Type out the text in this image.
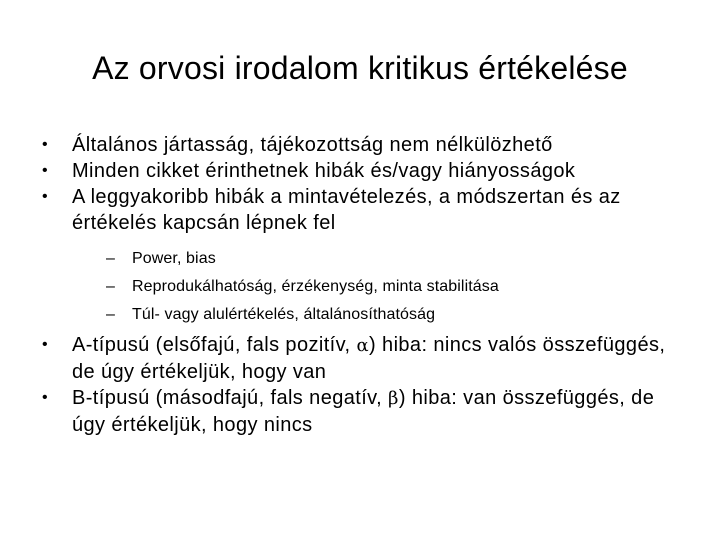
Az orvosi irodalom kritikus értékelése
• Általános jártasság, tájékozottság nem nélkülözhető
• Minden cikket érinthetnek hibák és/vagy hiányosságok
• A leggyakoribb hibák a mintavételezés, a módszertan és az értékelés kapcsán lépnek fel
– Power, bias
– Reprodukálhatóság, érzékenység, minta stabilitása
– Túl- vagy alulértékelés, általánosíthatóság
• A-típusú (elsőfajú, fals pozitív, α) hiba: nincs valós összefüggés, de úgy értékeljük, hogy van
• B-típusú (másodfajú, fals negatív, β) hiba: van összefüggés, de úgy értékeljük, hogy nincs
